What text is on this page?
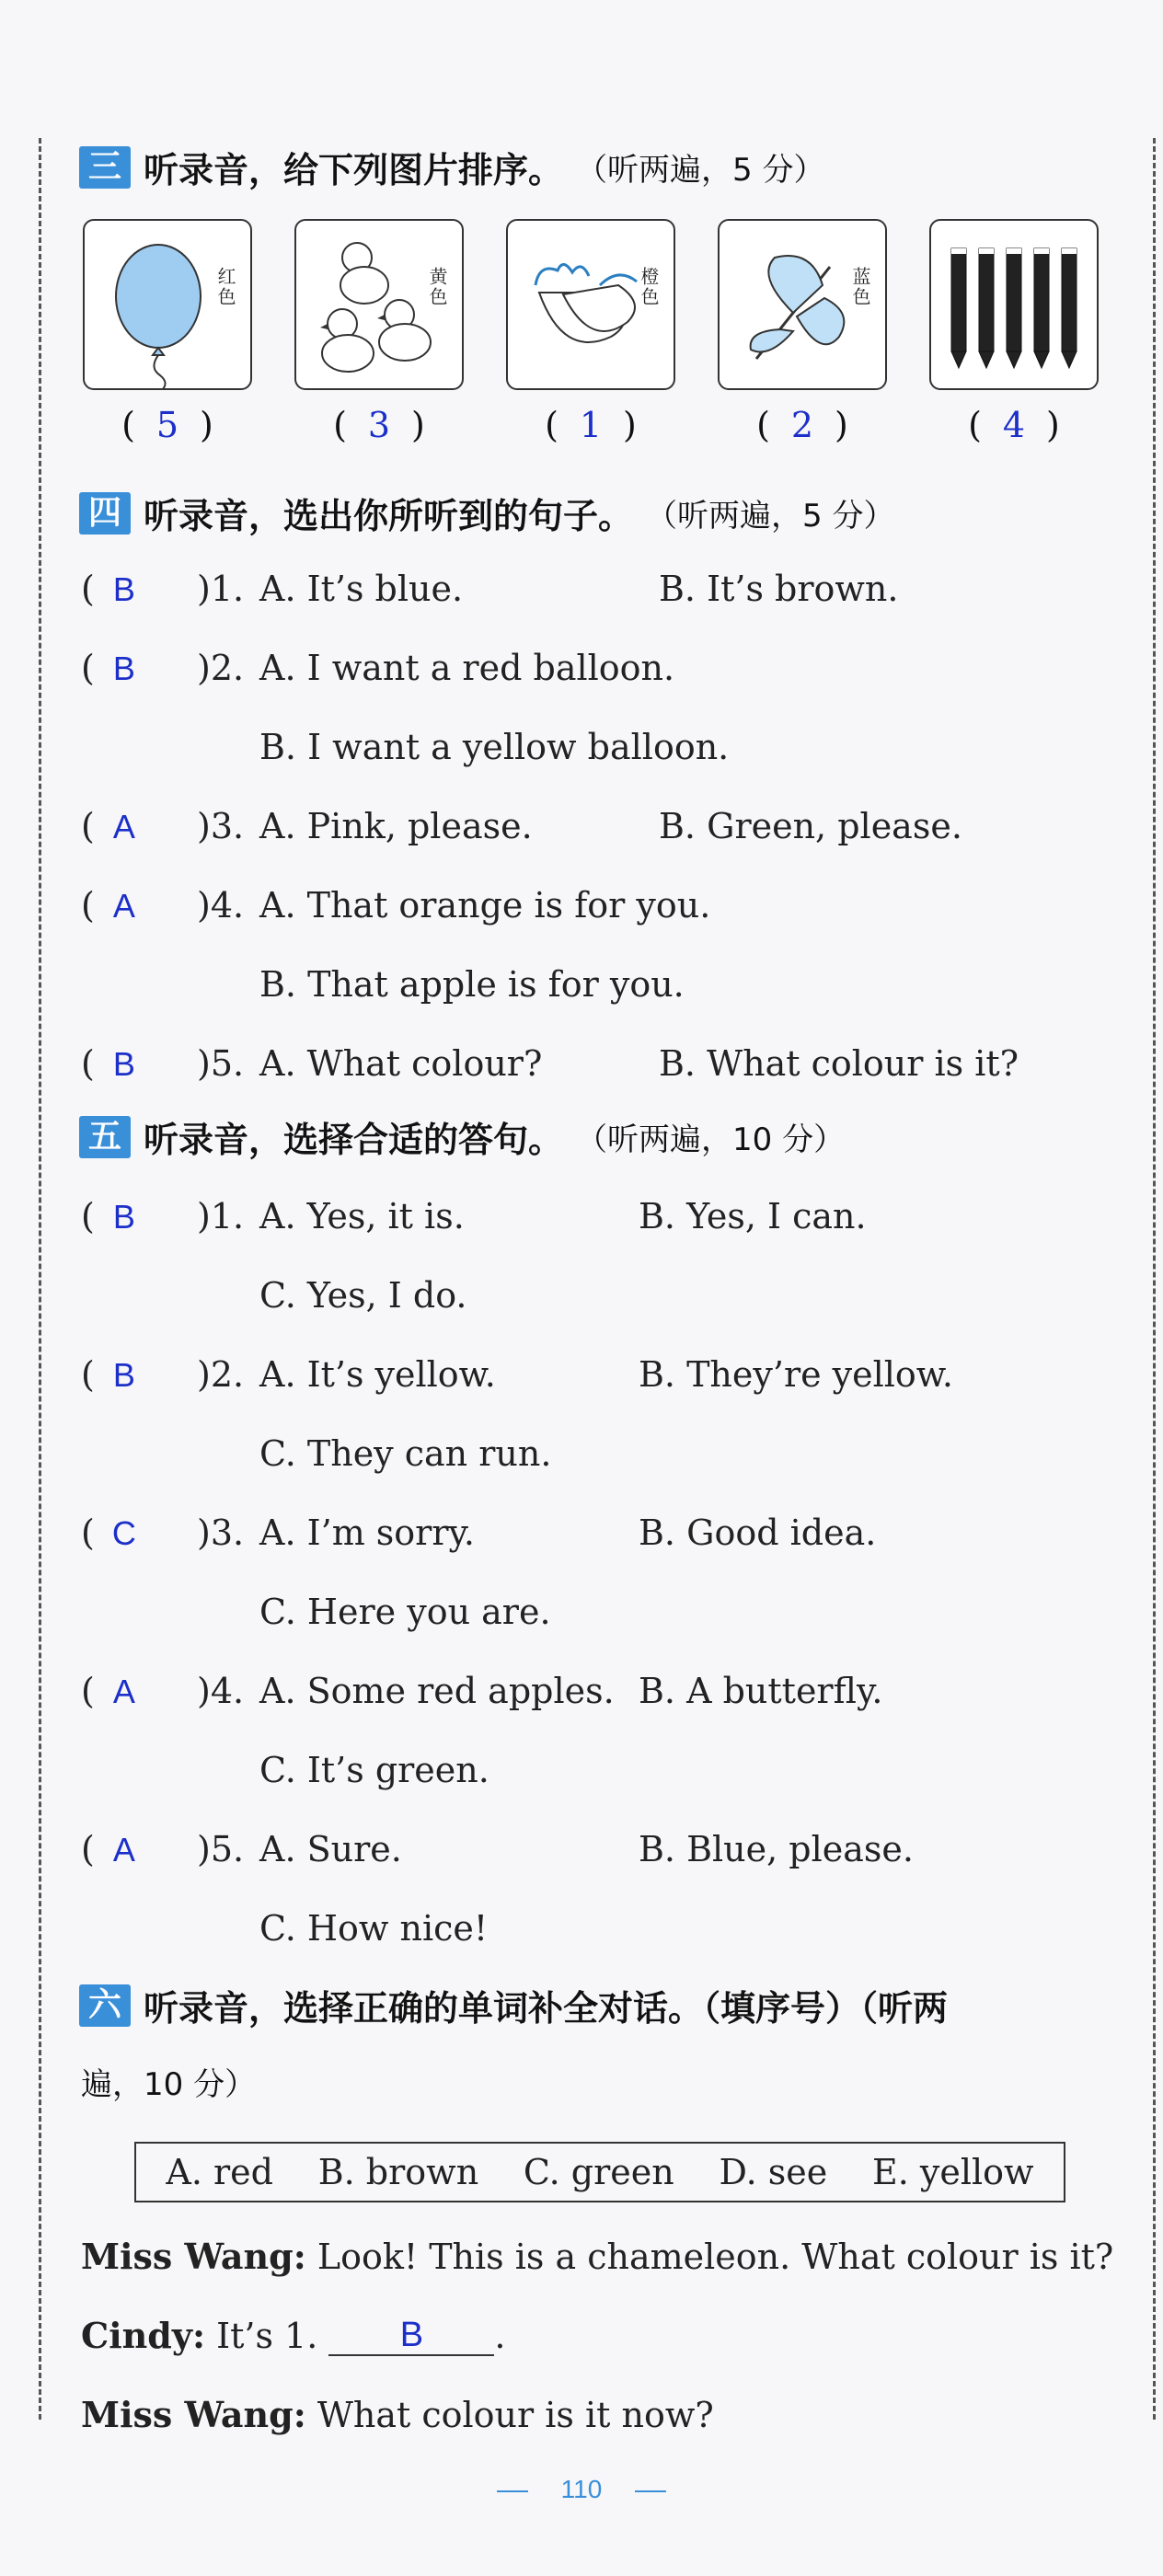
三 听录音，给下列图片排序。 （听两遍，5 分）
红色	黄色	橙色	蓝色
( 5 )	( 3 )	( 1 )	( 2 )	( 4 )
四 听录音，选出你所听到的句子。 （听两遍，5 分）
( B	)1. A. It’s blue.	B. It’s brown.
( B	)2. A. I want a red balloon.
B. I want a yellow balloon.
( A	)3. A. Pink, please.	B. Green, please.
( A	)4. A. That orange is for you.
B. That apple is for you.
( B	)5. A. What colour?	B. What colour is it?
五 听录音，选择合适的答句。 （听两遍，10 分）
( B	)1. A. Yes, it is.	B. Yes, I can.
C. Yes, I do.
( B	)2. A. It’s yellow.	B. They’re yellow.
C. They can run.
( C	)3. A. I’m sorry.	B. Good idea.
C. Here you are.
( A	)4. A. Some red apples. B. A butterfly.
C. It’s green.
( A	)5. A. Sure.	B. Blue, please.
C. How nice!
六 听录音，选择正确的单词补全对话。（填序号）（听两
遍，10 分）
A. red B. brown C. green D. see E. yellow
Miss Wang: Look! This is a chameleon. What colour is it?
Cindy: It’s 1. B .
Miss Wang: What colour is it now?
110
